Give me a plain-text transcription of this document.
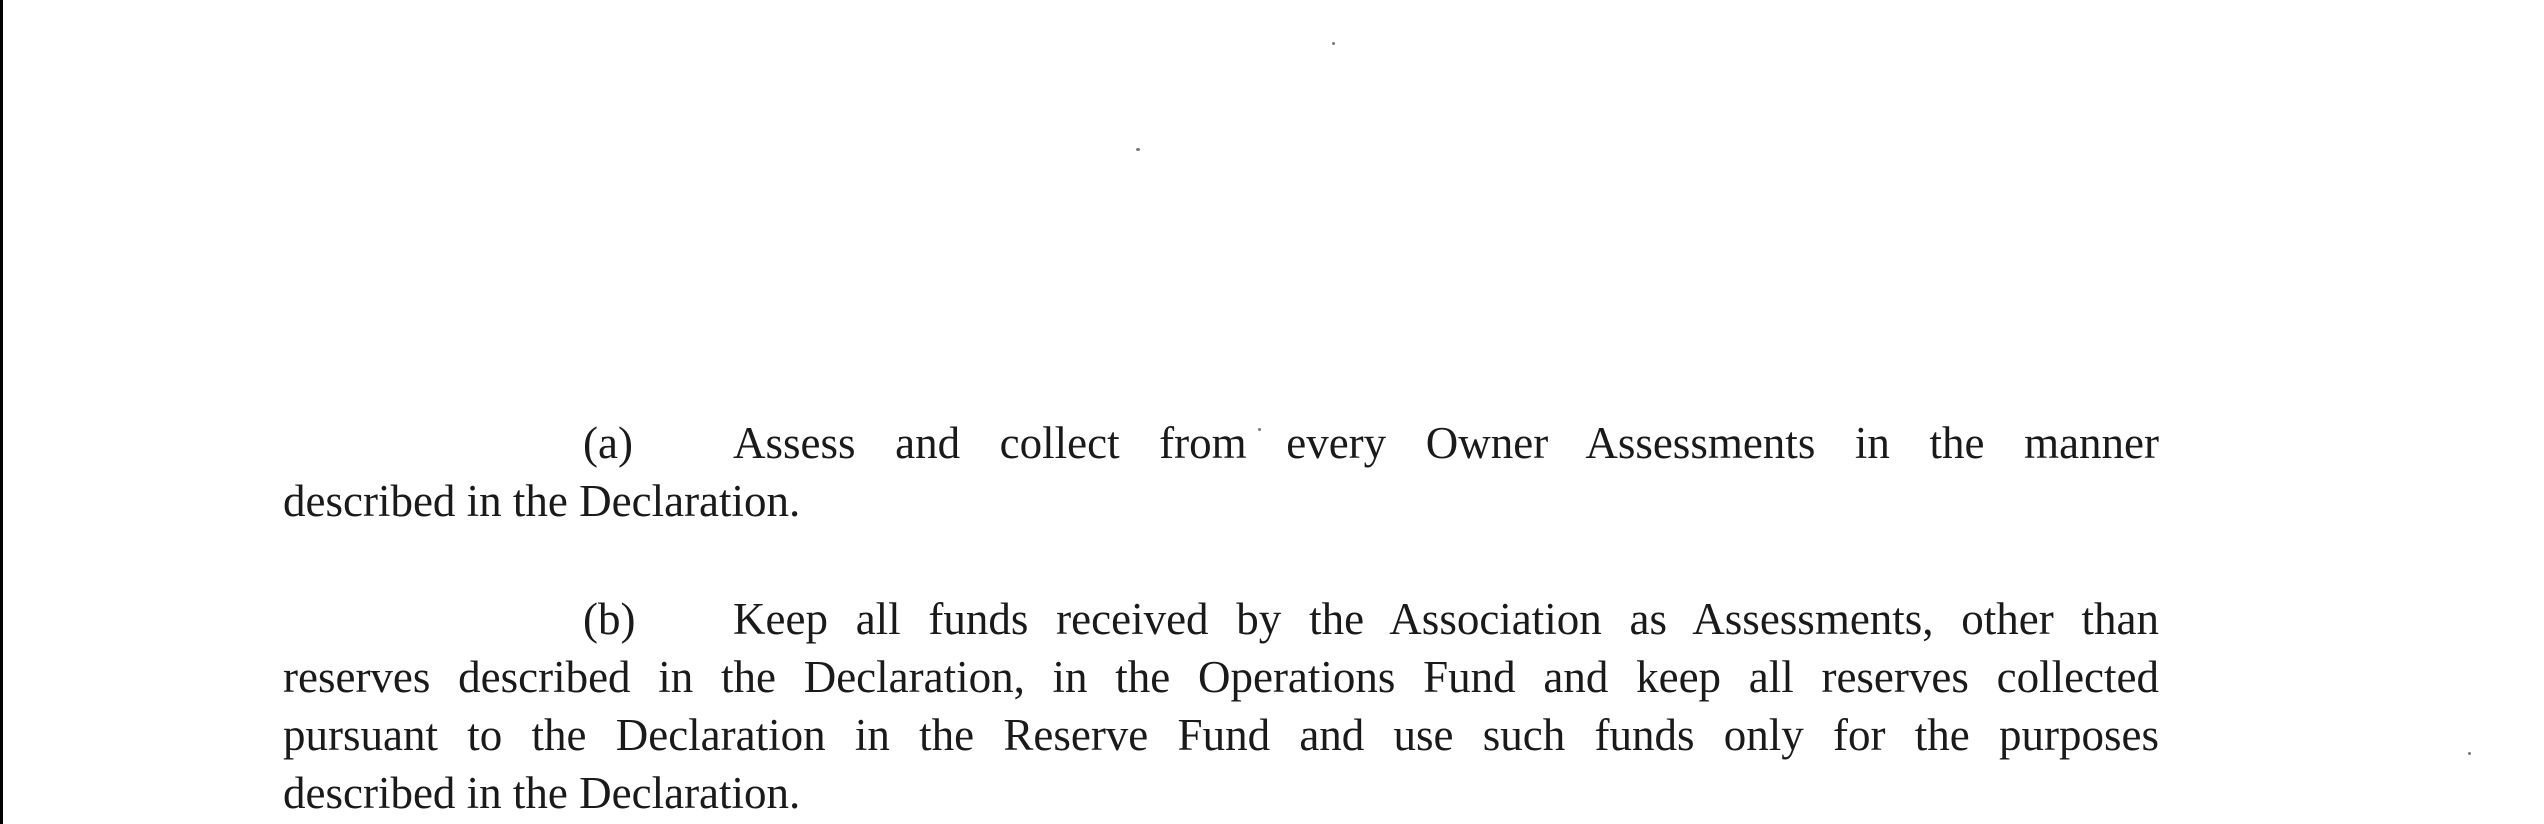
(a) Assess and collect from every Owner Assessments in the manner
described in the Declaration.
(b) Keep all funds received by the Association as Assessments, other than
reserves described in the Declaration, in the Operations Fund and keep all reserves collected
pursuant to the Declaration in the Reserve Fund and use such funds only for the purposes
described in the Declaration.
